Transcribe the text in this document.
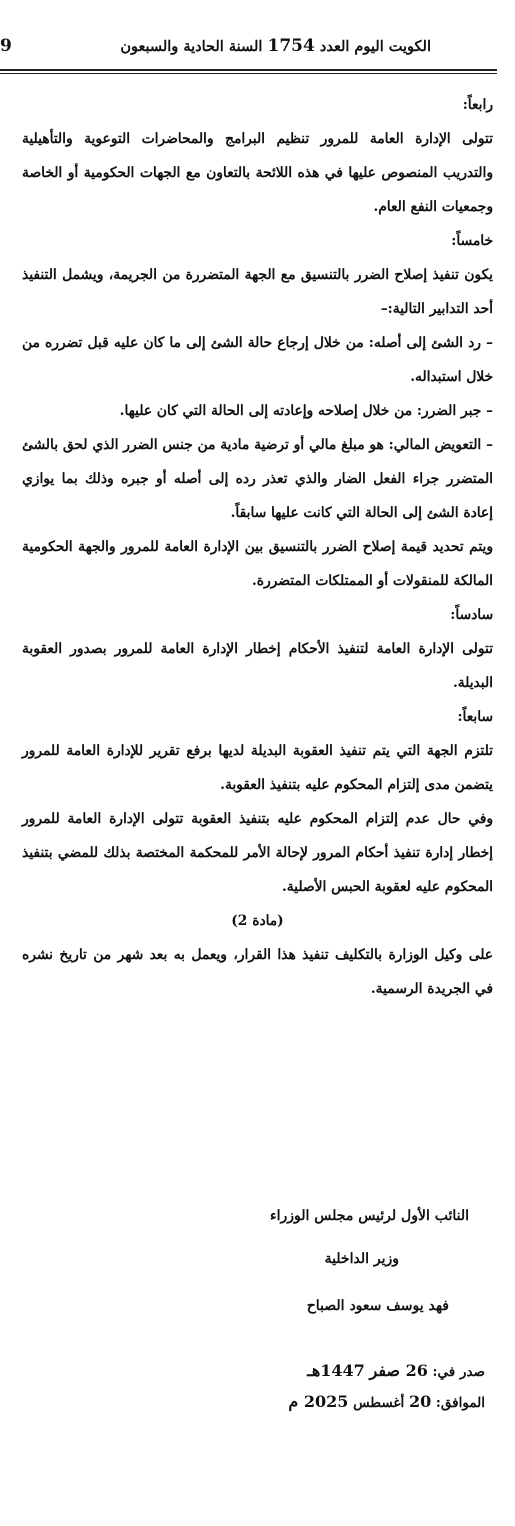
9	الكويت اليوم العدد 1754 السنة الحادية والسبعون

رابعاً:

تتولى الإدارة العامة للمرور تنظيم البرامج والمحاضرات التوعوية والتأهيلية والتدريب المنصوص عليها في هذه اللائحة بالتعاون مع الجهات الحكومية أو الخاصة وجمعيات النفع العام.

خامساً:

يكون تنفيذ إصلاح الضرر بالتنسيق مع الجهة المتضررة من الجريمة، ويشمل التنفيذ أحد التدابير التالية:–

– رد الشئ إلى أصله: من خلال إرجاع حالة الشئ إلى ما كان عليه قبل تضرره من خلال استبداله.

– جبر الضرر: من خلال إصلاحه وإعادته إلى الحالة التي كان عليها.

– التعويض المالي: هو مبلغ مالي أو ترضية مادية من جنس الضرر الذي لحق بالشئ المتضرر جراء الفعل الضار والذي تعذر رده إلى أصله أو جبره وذلك بما يوازي إعادة الشئ إلى الحالة التي كانت عليها سابقاً.

ويتم تحديد قيمة إصلاح الضرر بالتنسيق بين الإدارة العامة للمرور والجهة الحكومية المالكة للمنقولات أو الممتلكات المتضررة.

سادساً:

تتولى الإدارة العامة لتنفيذ الأحكام إخطار الإدارة العامة للمرور بصدور العقوبة البديلة.

سابعاً:

تلتزم الجهة التي يتم تنفيذ العقوبة البديلة لديها برفع تقرير للإدارة العامة للمرور يتضمن مدى إلتزام المحكوم عليه بتنفيذ العقوبة.

وفي حال عدم إلتزام المحكوم عليه بتنفيذ العقوبة تتولى الإدارة العامة للمرور إخطار إدارة تنفيذ أحكام المرور لإحالة الأمر للمحكمة المختصة بذلك للمضي بتنفيذ المحكوم عليه لعقوبة الحبس الأصلية.

(مادة 2)

على وكيل الوزارة بالتكليف تنفيذ هذا القرار، ويعمل به بعد شهر من تاريخ نشره في الجريدة الرسمية.

النائب الأول لرئيس مجلس الوزراء
وزير الداخلية
فهد يوسف سعود الصباح
صدر في: 26 صفر 1447هـ
الموافق: 20 أغسطس 2025 م
